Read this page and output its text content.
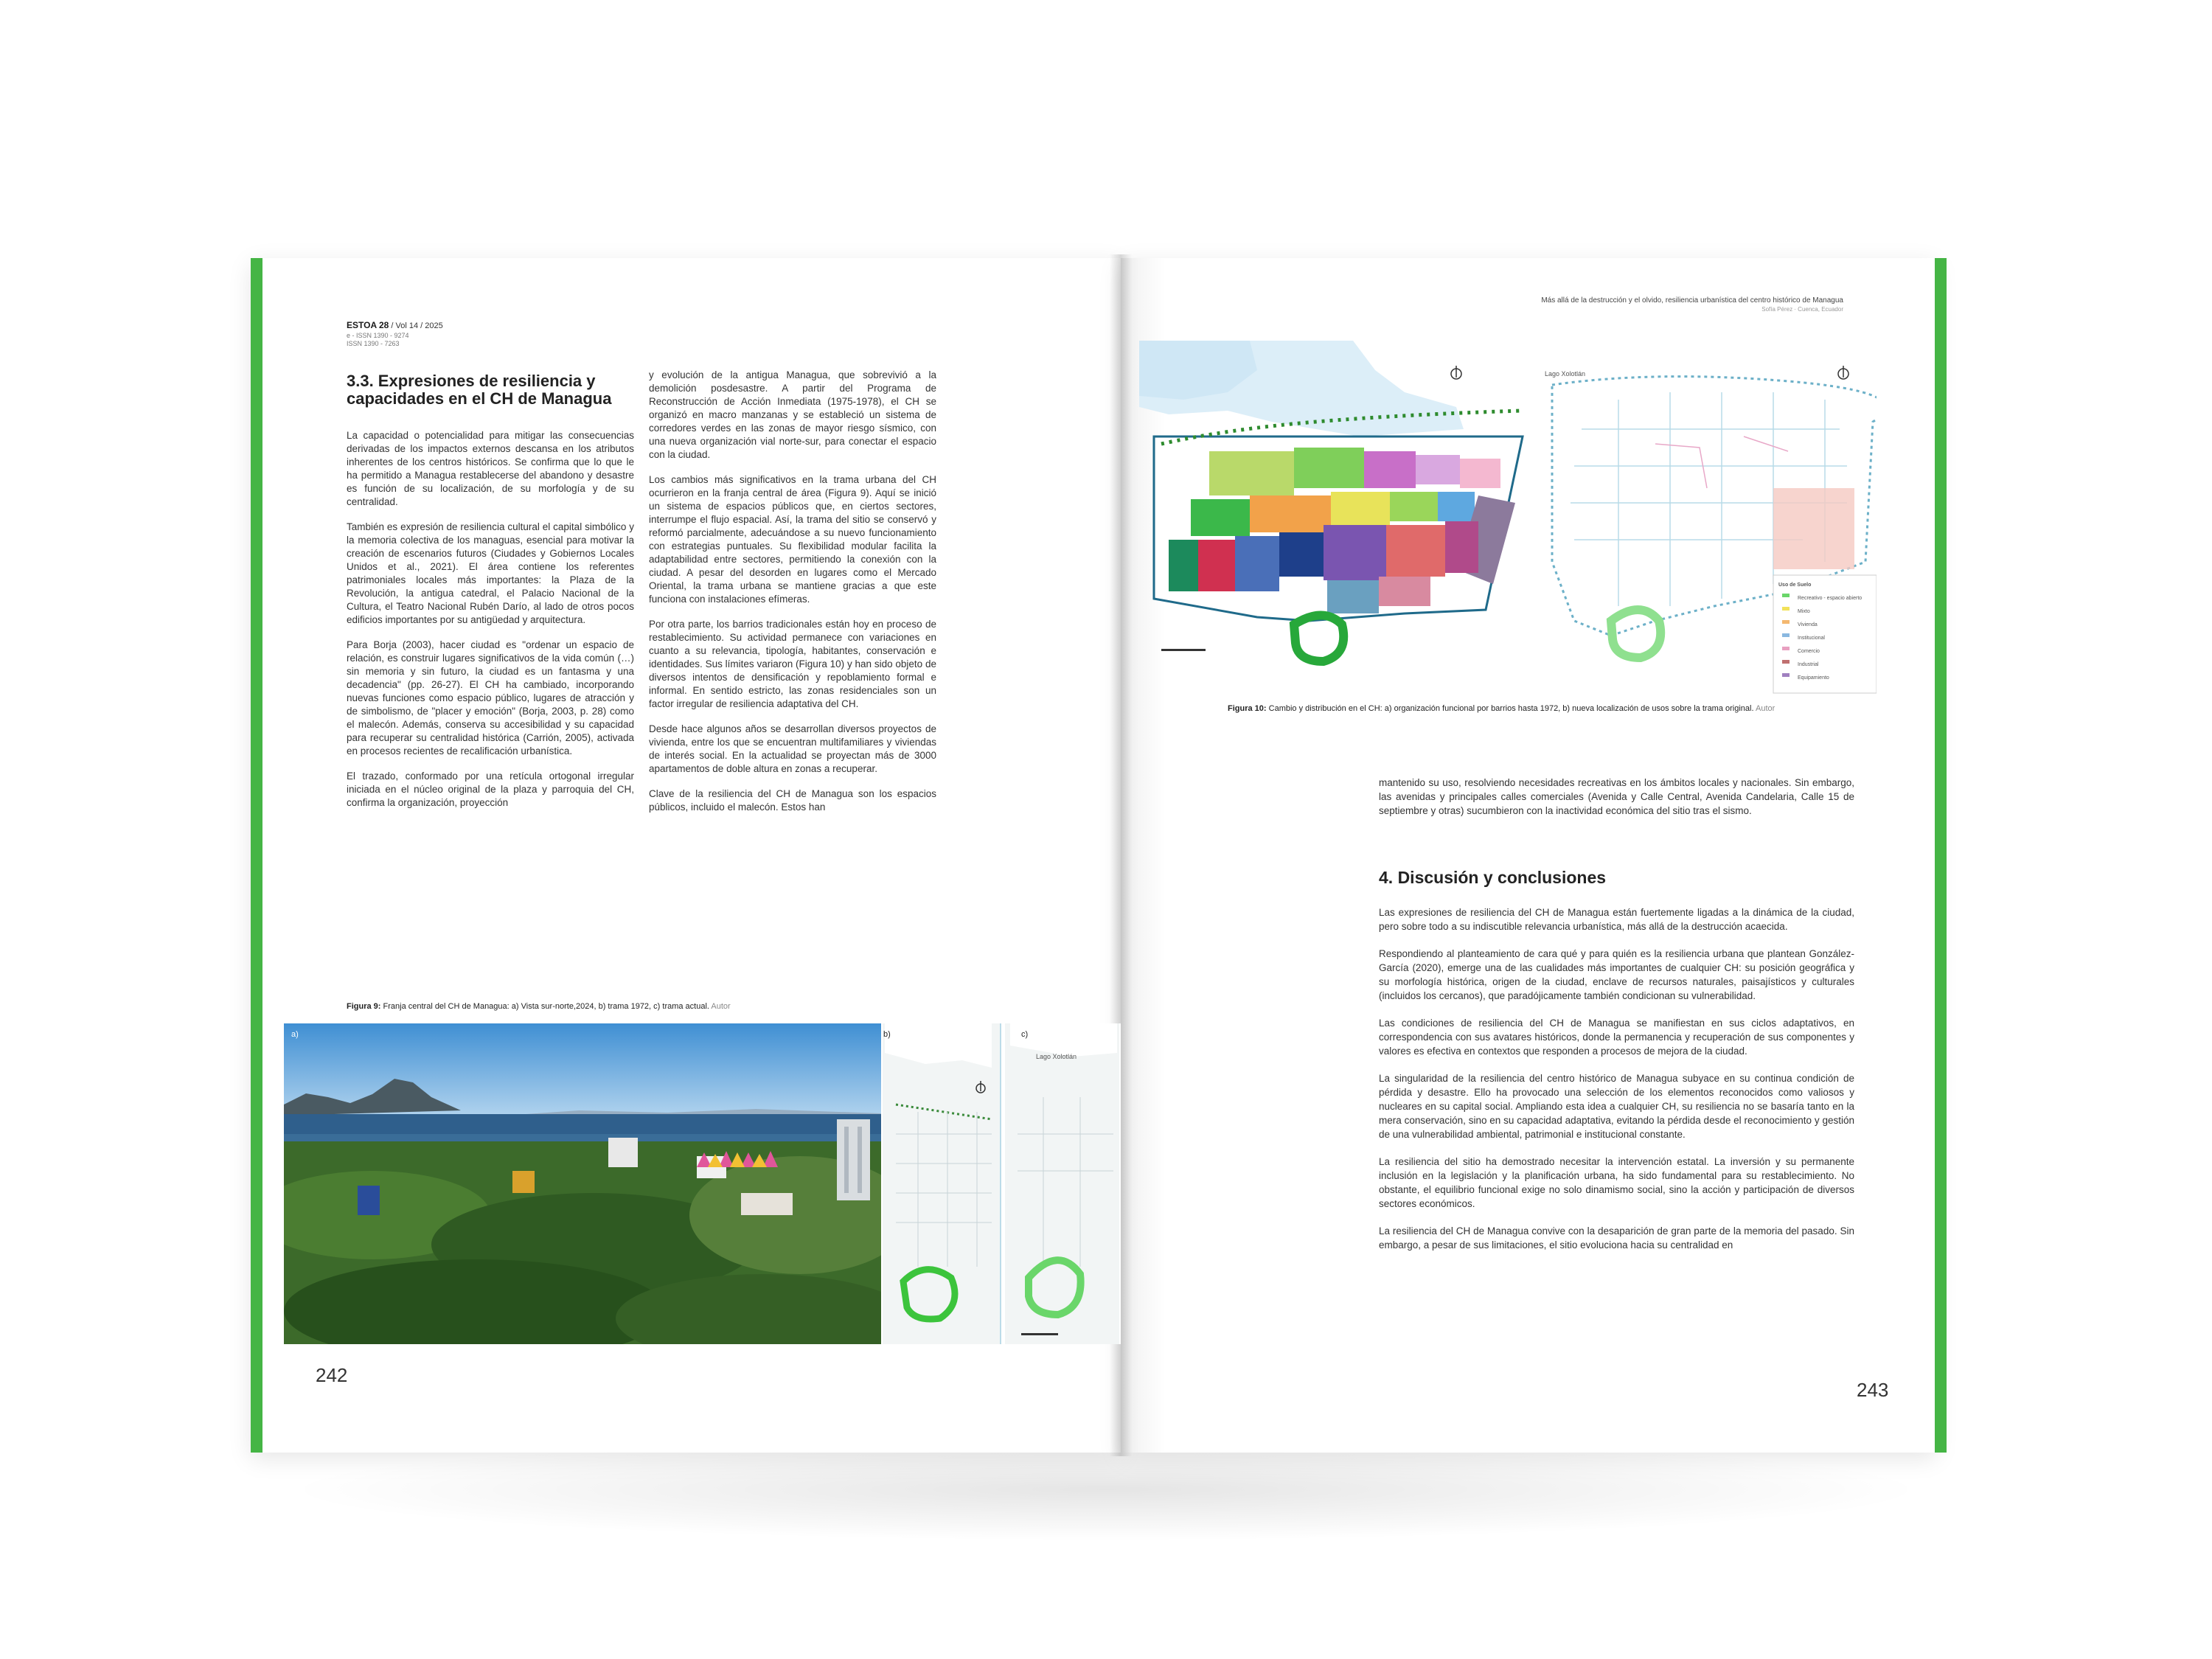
ESTOA 28 / Vol 14 / 2025
e - ISSN 1390 - 9274
ISSN 1390 - 7263
3.3. Expresiones de resiliencia y capacidades en el CH de Managua

La capacidad o potencialidad para mitigar las consecuencias derivadas de los impactos externos descansa en los atributos inherentes de los centros históricos. Se confirma que lo que le ha permitido a Managua restablecerse del abandono y desastre es función de su localización, de su morfología y de su centralidad.

También es expresión de resiliencia cultural el capital simbólico y la memoria colectiva de los managuas, esencial para motivar la creación de escenarios futuros (Ciudades y Gobiernos Locales Unidos et al., 2021). El área contiene los referentes patrimoniales locales más importantes: la Plaza de la Revolución, la antigua catedral, el Palacio Nacional de la Cultura, el Teatro Nacional Rubén Darío, al lado de otros pocos edificios importantes por su antigüedad y arquitectura.

Para Borja (2003), hacer ciudad es "ordenar un espacio de relación, es construir lugares significativos de la vida común (…) sin memoria y sin futuro, la ciudad es un fantasma y una decadencia" (pp. 26-27). El CH ha cambiado, incorporando nuevas funciones como espacio público, lugares de atracción y de simbolismo, de "placer y emoción" (Borja, 2003, p. 28) como el malecón. Además, conserva su accesibilidad y su capacidad para recuperar su centralidad histórica (Carrión, 2005), activada en procesos recientes de recalificación urbanística.

El trazado, conformado por una retícula ortogonal irregular iniciada en el núcleo original de la plaza y parroquia del CH, confirma la organización, proyección

y evolución de la antigua Managua, que sobrevivió a la demolición posdesastre. A partir del Programa de Reconstrucción de Acción Inmediata (1975-1978), el CH se organizó en macro manzanas y se estableció un sistema de corredores verdes en las zonas de mayor riesgo sísmico, con una nueva organización vial norte-sur, para conectar el espacio con la ciudad.

Los cambios más significativos en la trama urbana del CH ocurrieron en la franja central de área (Figura 9). Aquí se inició un sistema de espacios públicos que, en ciertos sectores, interrumpe el flujo espacial. Así, la trama del sitio se conservó y reformó parcialmente, adecuándose a su nuevo funcionamiento con estrategias puntuales. Su flexibilidad modular facilita la adaptabilidad entre sectores, permitiendo la conexión con la ciudad. A pesar del desorden en lugares como el Mercado Oriental, la trama urbana se mantiene gracias a que este funciona con instalaciones efímeras.

Por otra parte, los barrios tradicionales están hoy en proceso de restablecimiento. Su actividad permanece con variaciones en cuanto a su relevancia, tipología, habitantes, conservación e identidades. Sus límites variaron (Figura 10) y han sido objeto de diversos intentos de densificación y repoblamiento formal e informal. En sentido estricto, las zonas residenciales son un factor irregular de resiliencia adaptativa del CH.

Desde hace algunos años se desarrollan diversos proyectos de vivienda, entre los que se encuentran multifamiliares y viviendas de interés social. En la actualidad se proyectan más de 3000 apartamentos de doble altura en zonas a recuperar.

Clave de la resiliencia del CH de Managua son los espacios públicos, incluido el malecón. Estos han

Figura 9: Franja central del CH de Managua: a) Vista sur-norte,2024, b) trama 1972, c) trama actual. Autor
a)	b)	c)
Lago Xolotlán
242
Más allá de la destrucción y el olvido, resiliencia urbanística del centro histórico de Managua
Sofía Pérez · Cuenca, Ecuador
Lago Xolotlán
Uso de Suelo
Recreativo - espacio abierto
Mixto
Vivienda
Institucional
Comercio
Industrial
Equipamiento
Figura 10: Cambio y distribución en el CH: a) organización funcional por barrios hasta 1972, b) nueva localización de usos sobre la trama original. Autor
mantenido su uso, resolviendo necesidades recreativas en los ámbitos locales y nacionales. Sin embargo, las avenidas y principales calles comerciales (Avenida y Calle Central, Avenida Candelaria, Calle 15 de septiembre y otras) sucumbieron con la inactividad económica del sitio tras el sismo.
4. Discusión y conclusiones

Las expresiones de resiliencia del CH de Managua están fuertemente ligadas a la dinámica de la ciudad, pero sobre todo a su indiscutible relevancia urbanística, más allá de la destrucción acaecida.

Respondiendo al planteamiento de cara qué y para quién es la resiliencia urbana que plantean González-García (2020), emerge una de las cualidades más importantes de cualquier CH: su posición geográfica y su morfología histórica, origen de la ciudad, enclave de recursos naturales, paisajísticos y culturales (incluidos los cercanos), que paradójicamente también condicionan su vulnerabilidad.

Las condiciones de resiliencia del CH de Managua se manifiestan en sus ciclos adaptativos, en correspondencia con sus avatares históricos, donde la permanencia y recuperación de sus componentes y valores es efectiva en contextos que responden a procesos de mejora de la ciudad.

La singularidad de la resiliencia del centro histórico de Managua subyace en su continua condición de pérdida y desastre. Ello ha provocado una selección de los elementos reconocidos como valiosos y nucleares en su capital social. Ampliando esta idea a cualquier CH, su resiliencia no se basaría tanto en la mera conservación, sino en su capacidad adaptativa, evitando la pérdida desde el reconocimiento y gestión de una vulnerabilidad ambiental, patrimonial e institucional constante.

La resiliencia del sitio ha demostrado necesitar la intervención estatal. La inversión y su permanente inclusión en la legislación y la planificación urbana, ha sido fundamental para su restablecimiento. No obstante, el equilibrio funcional exige no solo dinamismo social, sino la acción y participación de diversos sectores económicos.

La resiliencia del CH de Managua convive con la desaparición de gran parte de la memoria del pasado. Sin embargo, a pesar de sus limitaciones, el sitio evoluciona hacia su centralidad en

243
